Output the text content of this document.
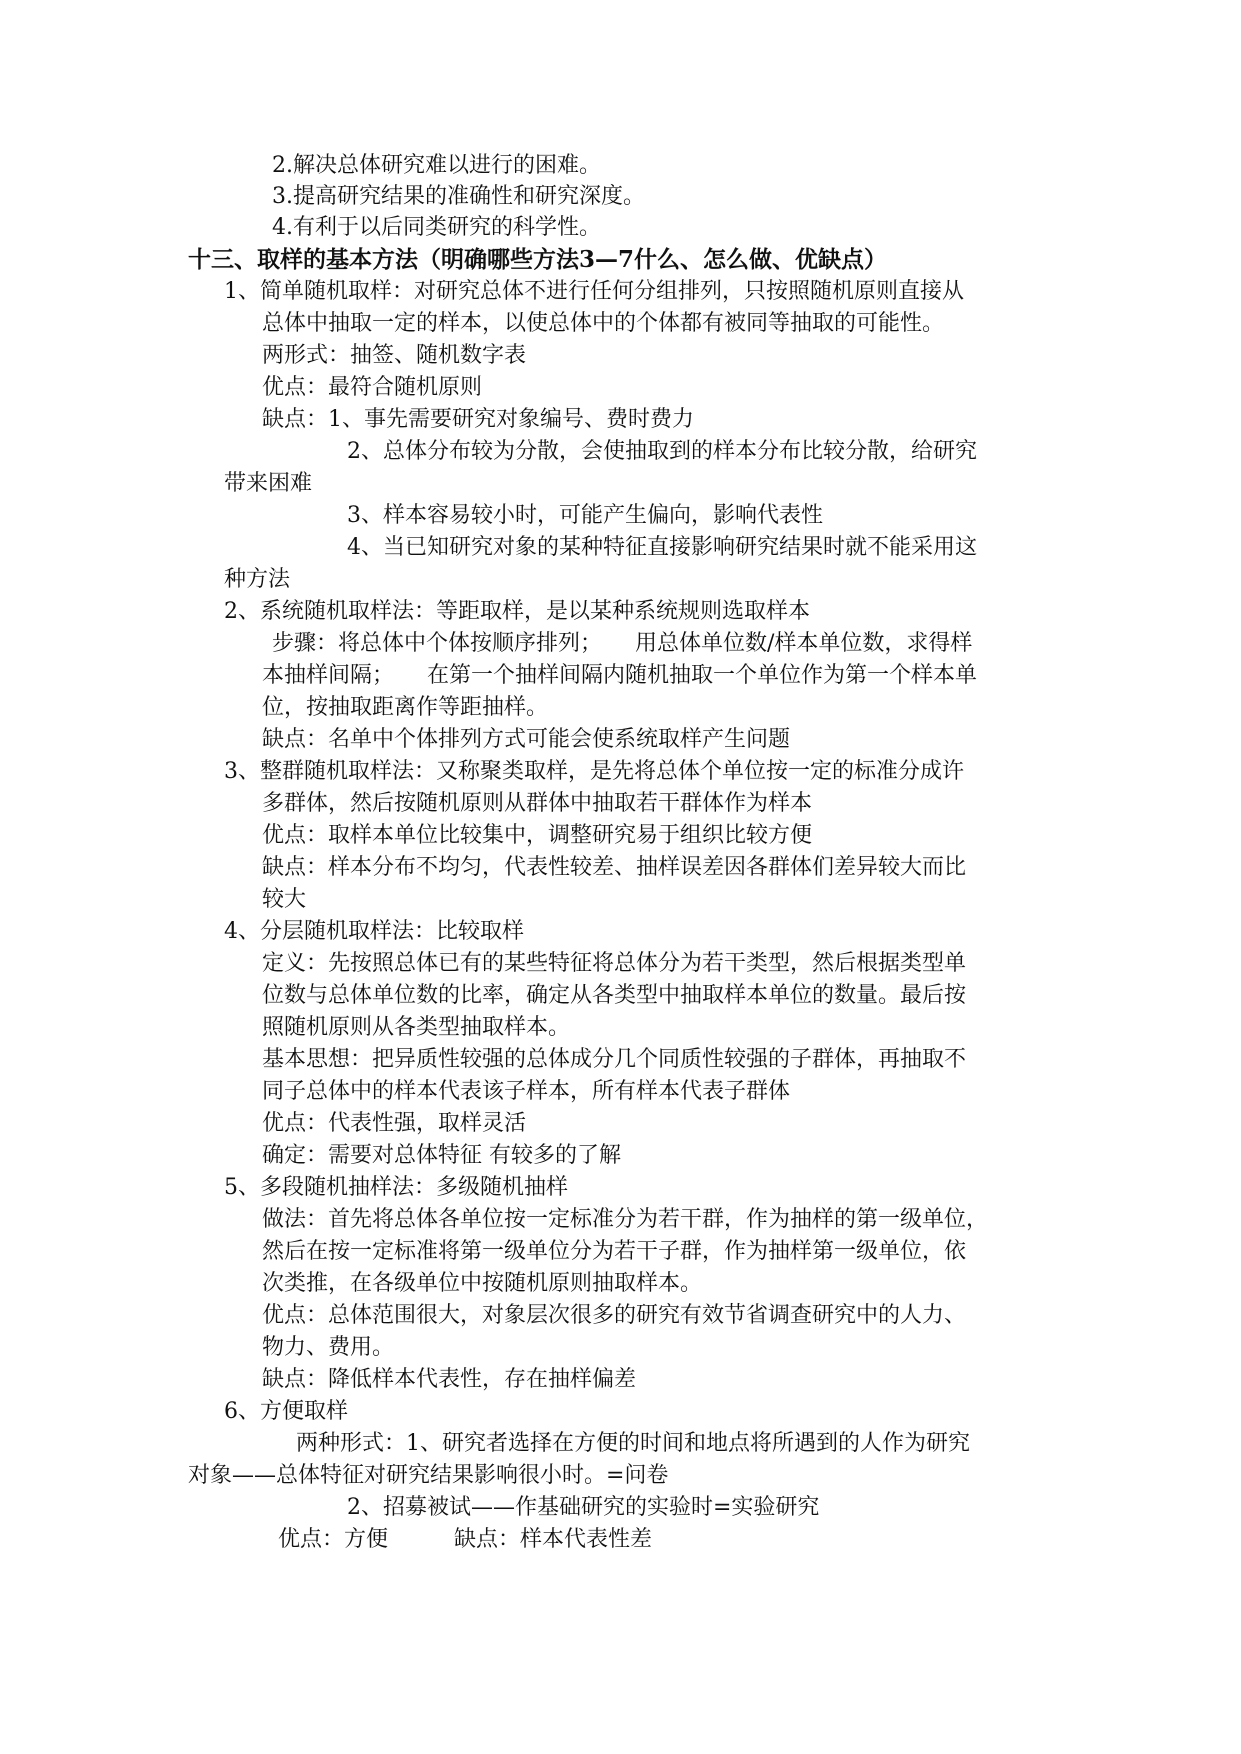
2.解决总体研究难以进行的困难。
3.提高研究结果的准确性和研究深度。
4.有利于以后同类研究的科学性。
十三、取样的基本方法（明确哪些方法3—7什么、怎么做、优缺点）
1、简单随机取样：对研究总体不进行任何分组排列，只按照随机原则直接从
总体中抽取一定的样本，以使总体中的个体都有被同等抽取的可能性。
两形式：抽签、随机数字表
优点：最符合随机原则
缺点：1、事先需要研究对象编号、费时费力
2、总体分布较为分散，会使抽取到的样本分布比较分散，给研究
带来困难
3、样本容易较小时，可能产生偏向，影响代表性
4、当已知研究对象的某种特征直接影响研究结果时就不能采用这
种方法
2、系统随机取样法：等距取样，是以某种系统规则选取样本
步骤：将总体中个体按顺序排列；　　用总体单位数/样本单位数，求得样
本抽样间隔；　　在第一个抽样间隔内随机抽取一个单位作为第一个样本单
位，按抽取距离作等距抽样。
缺点：名单中个体排列方式可能会使系统取样产生问题
3、整群随机取样法：又称聚类取样，是先将总体个单位按一定的标准分成许
多群体，然后按随机原则从群体中抽取若干群体作为样本
优点：取样本单位比较集中，调整研究易于组织比较方便
缺点：样本分布不均匀，代表性较差、抽样误差因各群体们差异较大而比
较大
4、分层随机取样法：比较取样
定义：先按照总体已有的某些特征将总体分为若干类型，然后根据类型单
位数与总体单位数的比率，确定从各类型中抽取样本单位的数量。最后按
照随机原则从各类型抽取样本。
基本思想：把异质性较强的总体成分几个同质性较强的子群体，再抽取不
同子总体中的样本代表该子样本，所有样本代表子群体
优点：代表性强，取样灵活
确定：需要对总体特征 有较多的了解
5、多段随机抽样法：多级随机抽样
做法：首先将总体各单位按一定标准分为若干群，作为抽样的第一级单位，
然后在按一定标准将第一级单位分为若干子群，作为抽样第一级单位，依
次类推，在各级单位中按随机原则抽取样本。
优点：总体范围很大，对象层次很多的研究有效节省调查研究中的人力、
物力、费用。
缺点：降低样本代表性，存在抽样偏差
6、方便取样
两种形式：1、研究者选择在方便的时间和地点将所遇到的人作为研究
对象——总体特征对研究结果影响很小时。=问卷
2、招募被试——作基础研究的实验时=实验研究
优点：方便　　　缺点：样本代表性差
